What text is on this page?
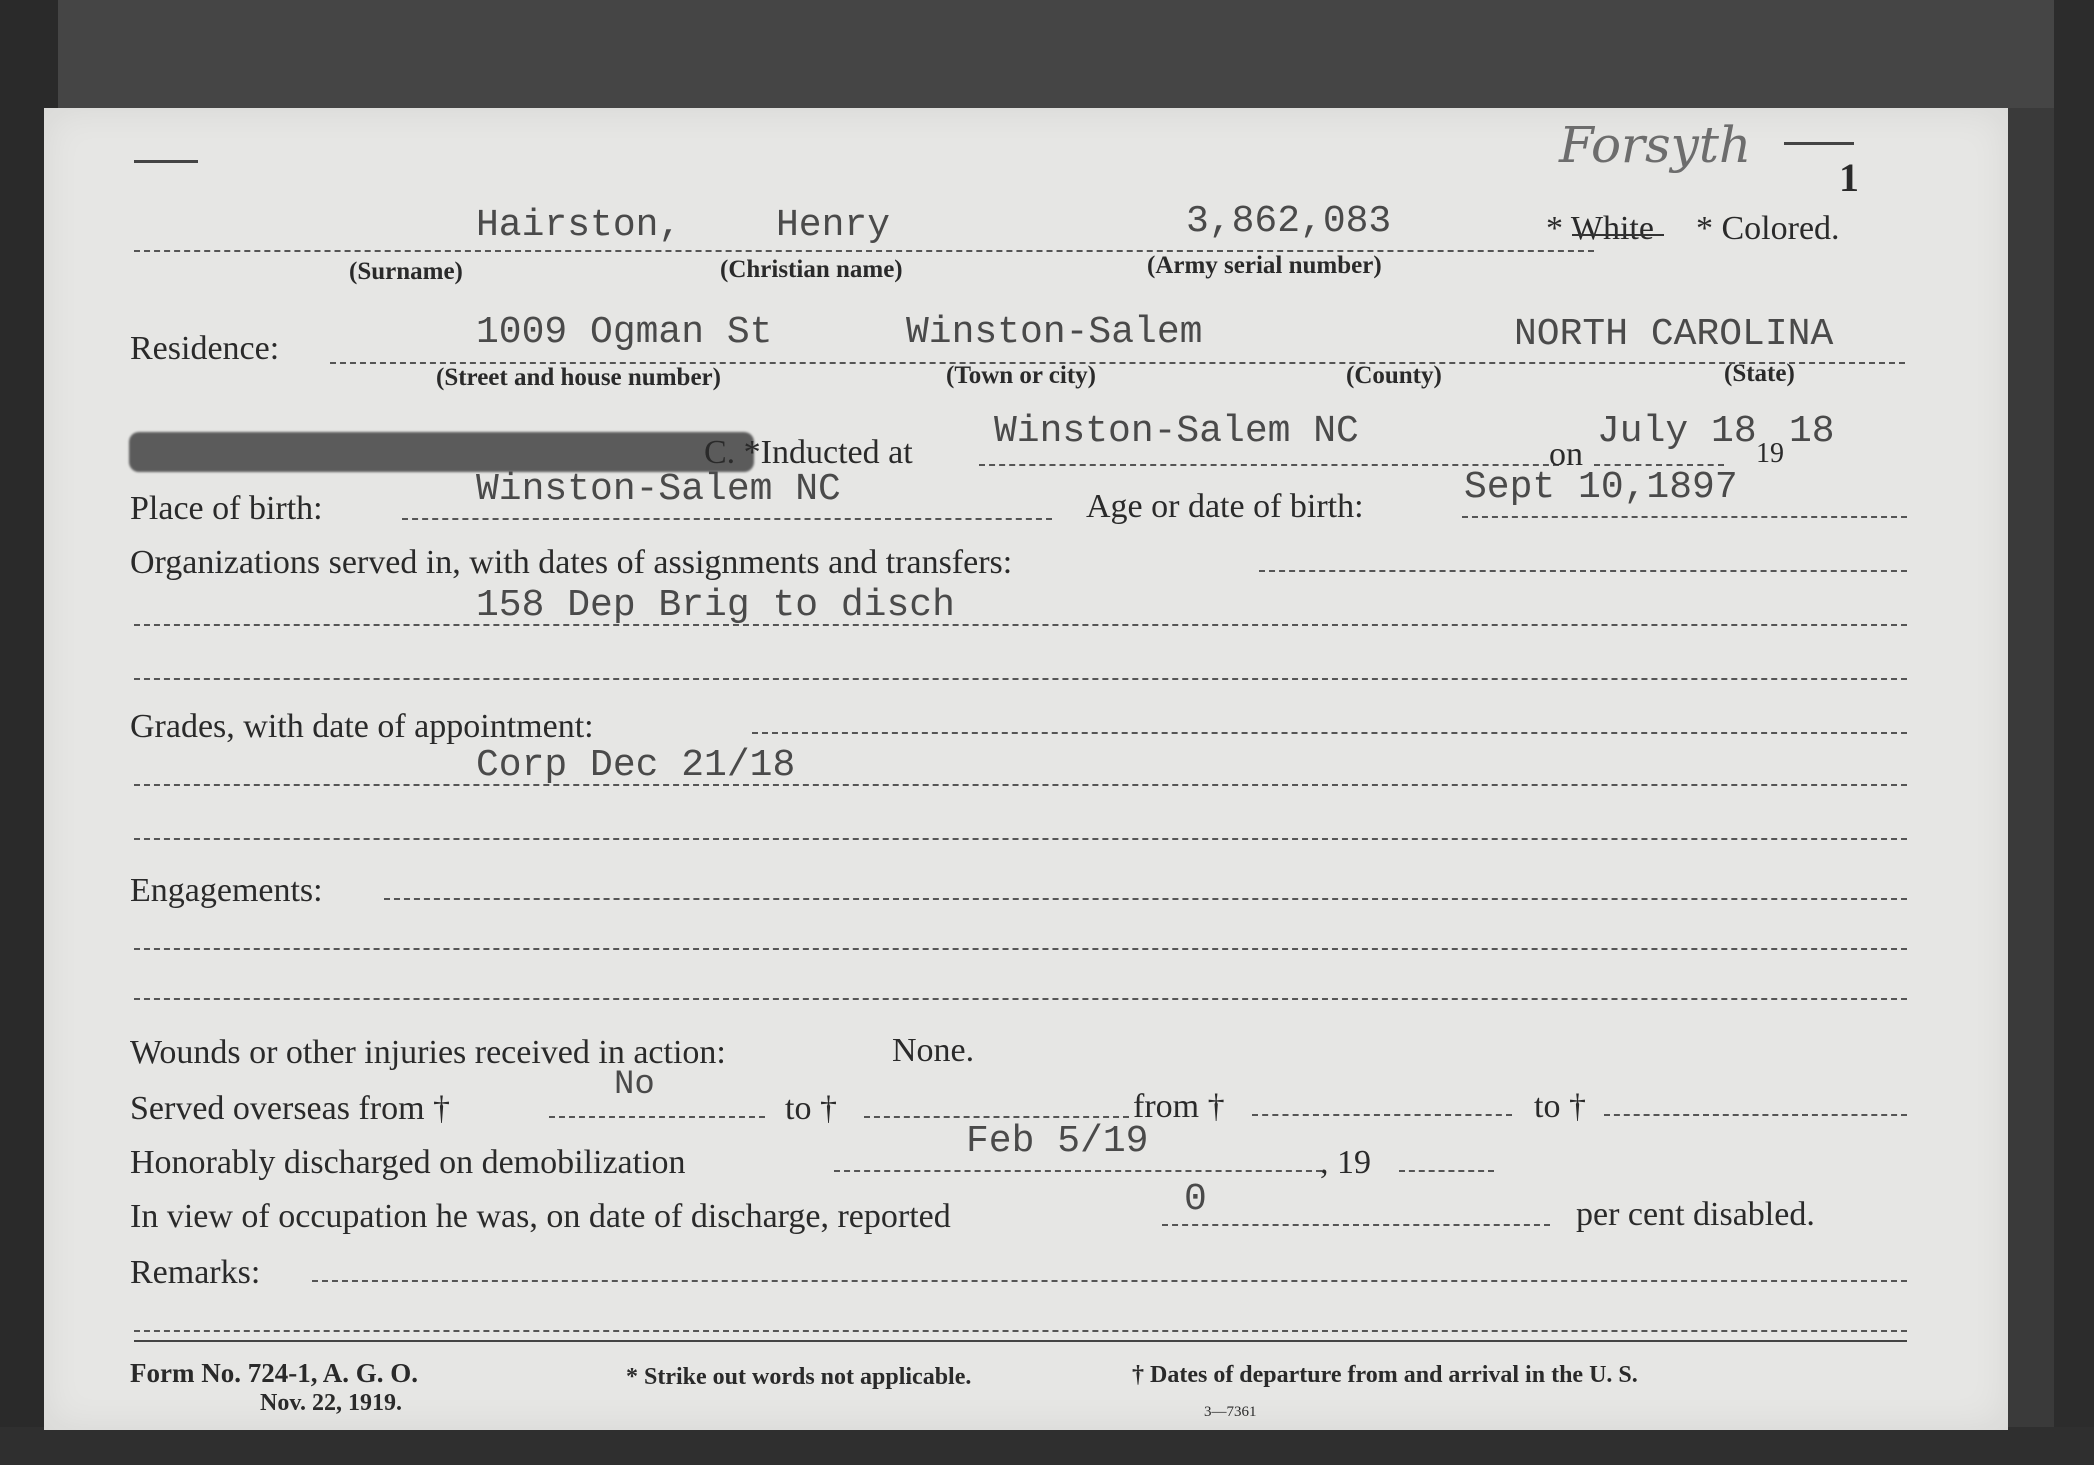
Forsyth
1
Hairston, Henry	3,862,083	* White * Colored.
(Surname)	(Christian name)	(Army serial number)
Residence:	1009 Ogman St	Winston-Salem	NORTH CAROLINA
(Street and house number)	(Town or city)	(County)	(State)
C. *Inducted at Winston-Salem NC
on
July 18
19
18
Place of birth:	Winston-Salem NC	Age or date of birth:	Sept 10,1897
Organizations served in, with dates of assignments and transfers:
158 Dep Brig to disch
Grades, with date of appointment:
Corp Dec 21/18
Engagements:
Wounds or other injuries received in action:	None.
Served overseas from †
No
to †	from †	to †
Honorably discharged on demobilization	Feb 5/19	, 19
In view of occupation he was, on date of discharge, reported	0	per cent disabled.
Remarks:
Form No. 724-1, A. G. O.
Nov. 22, 1919.
* Strike out words not applicable.	† Dates of departure from and arrival in the U. S.
3—7361
